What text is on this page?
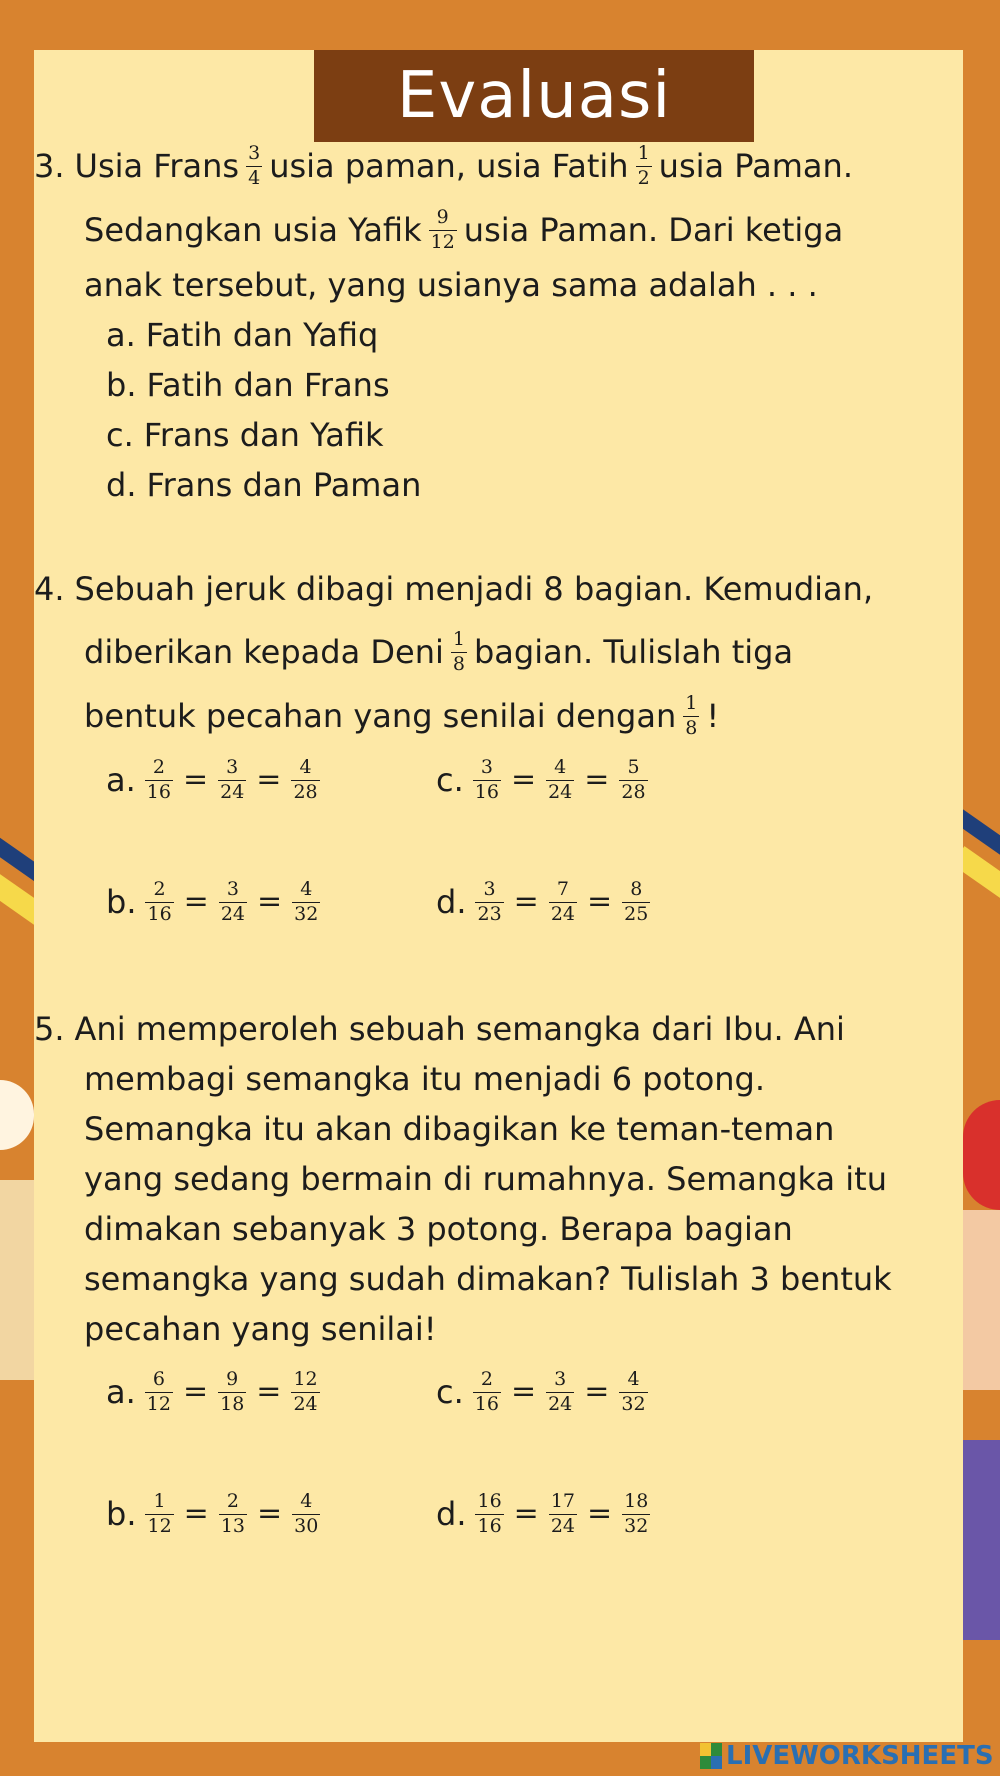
Evaluasi
3. Usia Frans $\frac{3}{4}$ usia paman, usia Fatih $\frac{1}{2}$ usia Paman.
Sedangkan usia Yafik $\frac{9}{12}$ usia Paman. Dari ketiga
anak tersebut, yang usianya sama adalah . . .
a. Fatih dan Yafiq
b. Fatih dan Frans
c. Frans dan Yafik
d. Frans dan Paman
4. Sebuah jeruk dibagi menjadi 8 bagian. Kemudian,
diberikan kepada Deni $\frac{1}{8}$ bagian. Tulislah tiga
bentuk pecahan yang senilai dengan $\frac{1}{8}$ !
a. $\frac{2}{16} = \frac{3}{24} = \frac{4}{28}$	c. $\frac{3}{16} = \frac{4}{24} = \frac{5}{28}$
b. $\frac{2}{16} = \frac{3}{24} = \frac{4}{32}$	d. $\frac{3}{23} = \frac{7}{24} = \frac{8}{25}$
5. Ani memperoleh sebuah semangka dari Ibu. Ani
membagi semangka itu menjadi 6 potong.
Semangka itu akan dibagikan ke teman-teman
yang sedang bermain di rumahnya. Semangka itu
dimakan sebanyak 3 potong. Berapa bagian
semangka yang sudah dimakan? Tulislah 3 bentuk
pecahan yang senilai!
a. $\frac{6}{12} = \frac{9}{18} = \frac{12}{24}$	c. $\frac{2}{16} = \frac{3}{24} = \frac{4}{32}$
b. $\frac{1}{12} = \frac{2}{13} = \frac{4}{30}$	d. $\frac{16}{16} = \frac{17}{24} = \frac{18}{32}$
LIVEWORKSHEETS
